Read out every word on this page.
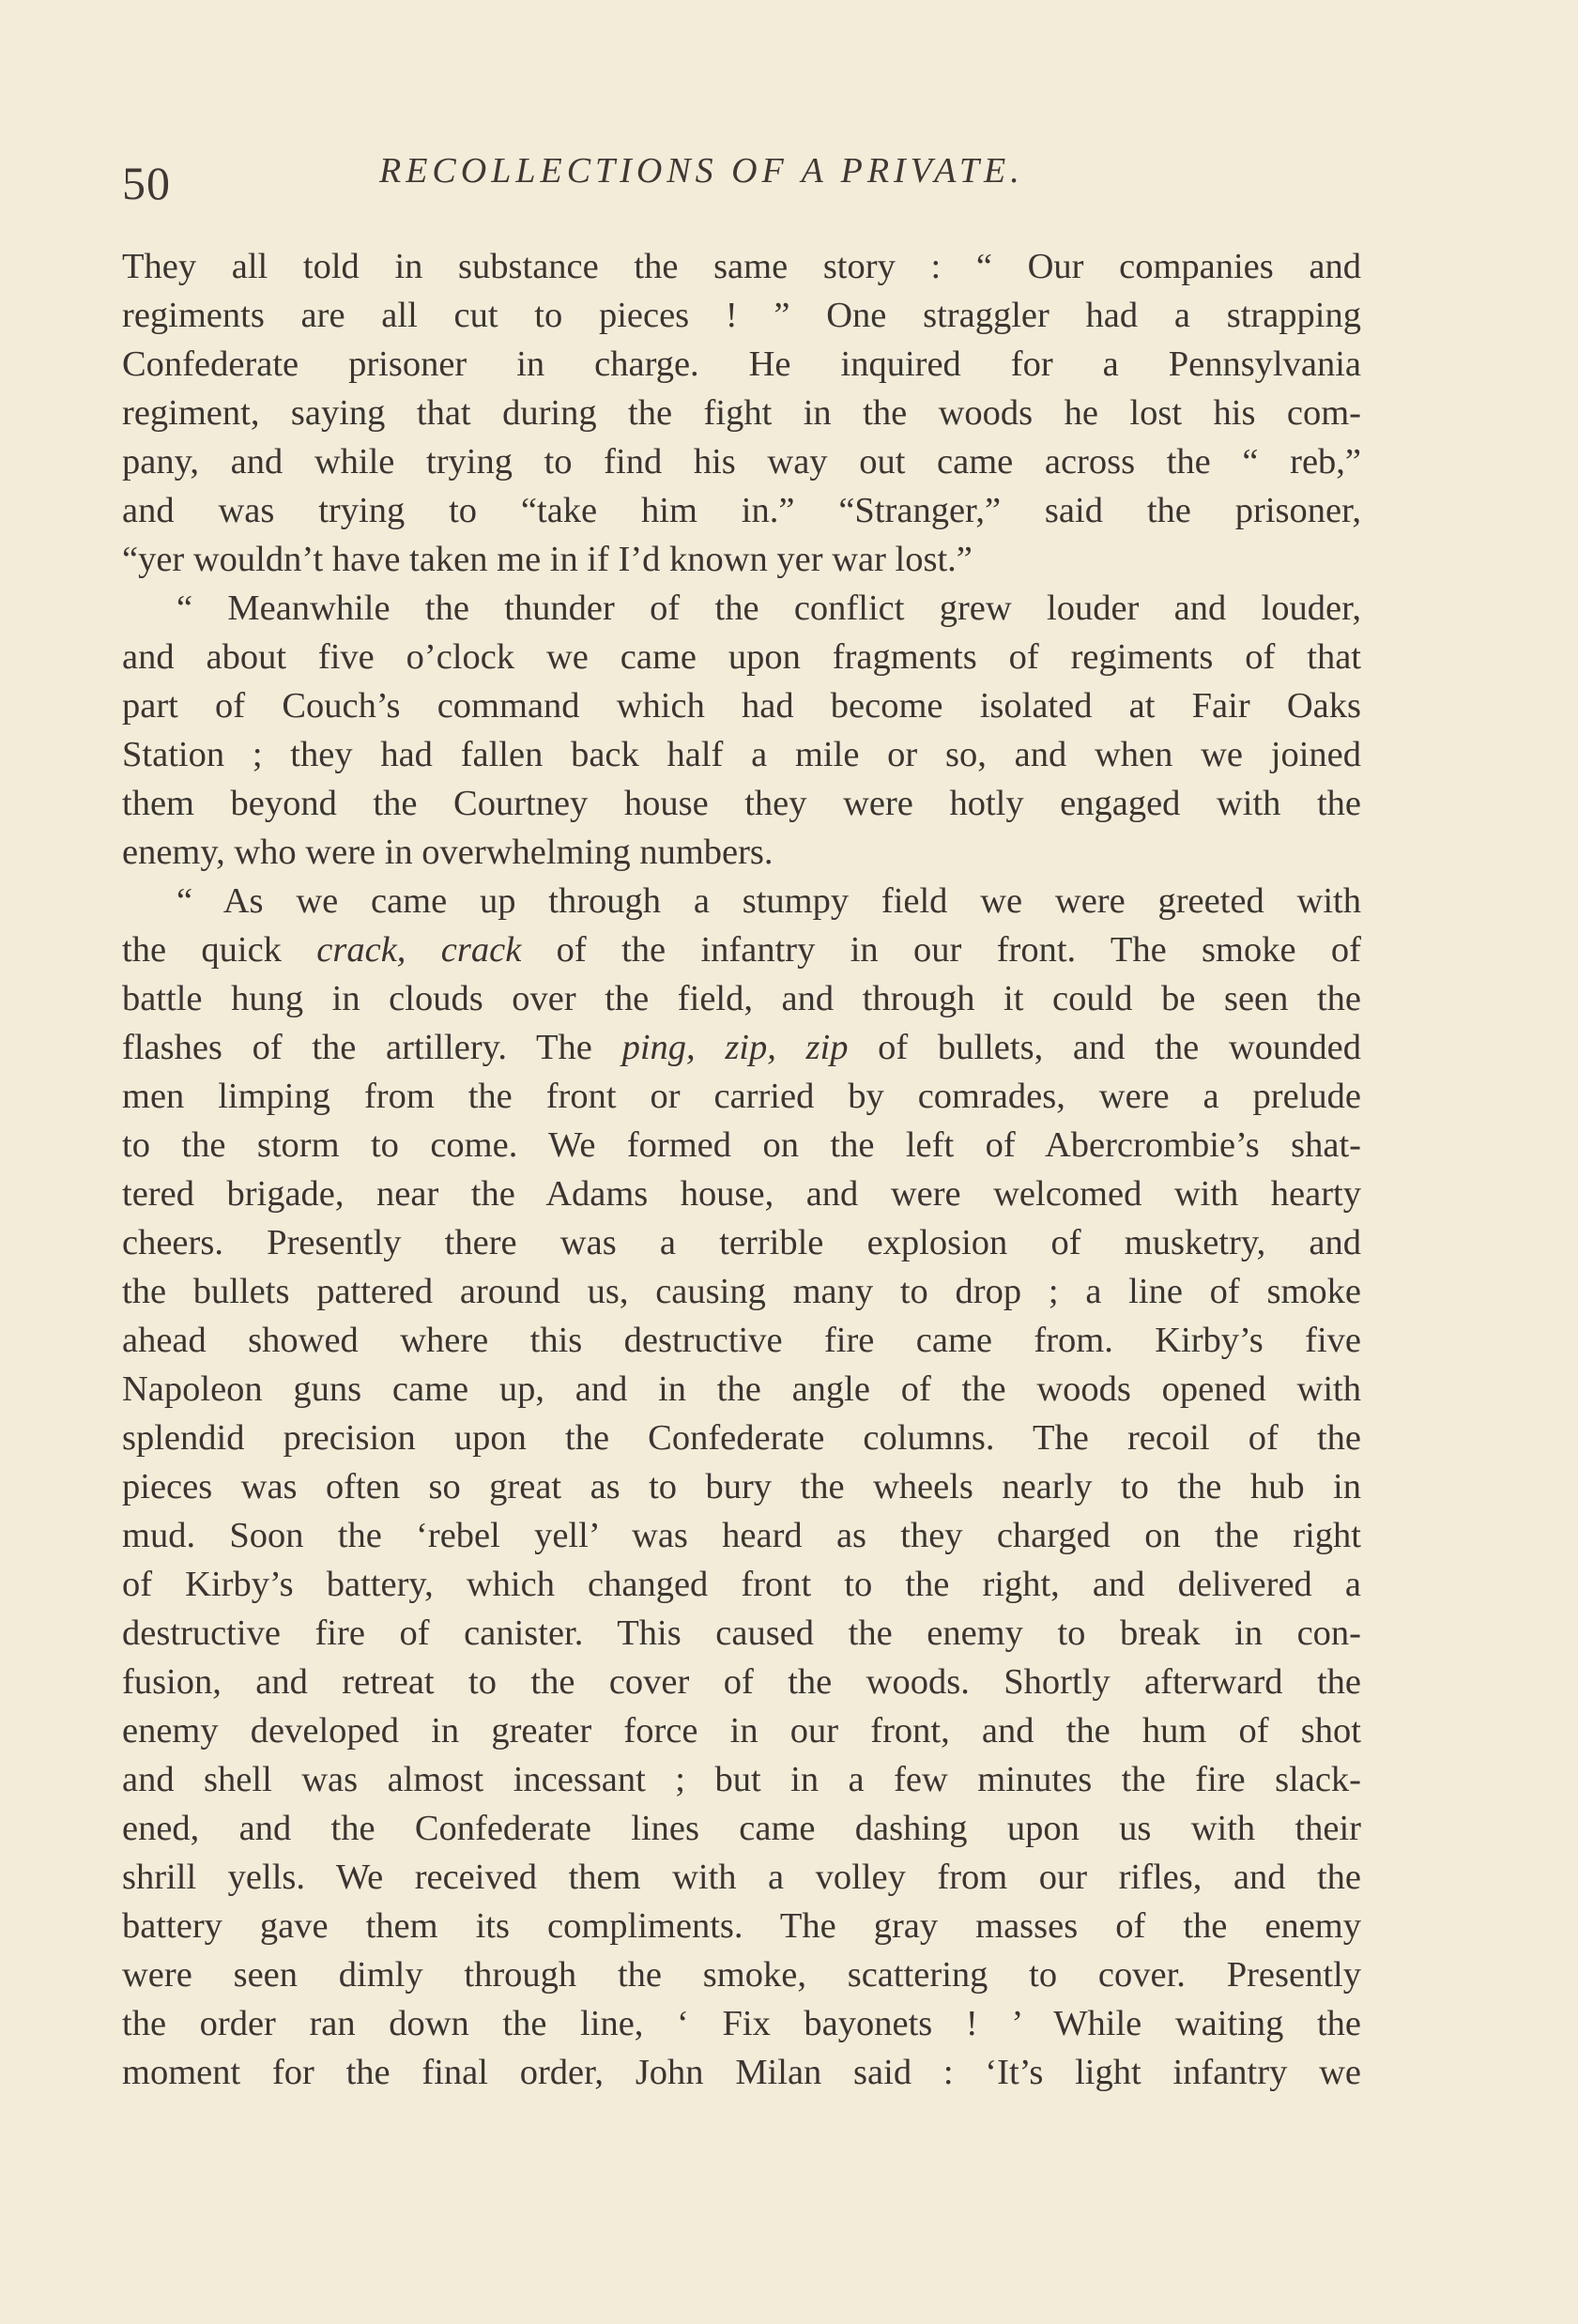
50	RECOLLECTIONS OF A PRIVATE.
They all told in substance the same story : “ Our companies and
regiments are all cut to pieces ! ” One straggler had a strapping
Confederate prisoner in charge. He inquired for a Pennsylvania
regiment, saying that during the fight in the woods he lost his com-
pany, and while trying to find his way out came across the “ reb,”
and was trying to “take him in.” “Stranger,” said the prisoner,
“yer wouldn’t have taken me in if I’d known yer war lost.”
“ Meanwhile the thunder of the conflict grew louder and louder,
and about five o’clock we came upon fragments of regiments of that
part of Couch’s command which had become isolated at Fair Oaks
Station ; they had fallen back half a mile or so, and when we joined
them beyond the Courtney house they were hotly engaged with the
enemy, who were in overwhelming numbers.
“ As we came up through a stumpy field we were greeted with
the quick crack, crack of the infantry in our front. The smoke of
battle hung in clouds over the field, and through it could be seen the
flashes of the artillery. The ping, zip, zip of bullets, and the wounded
men limping from the front or carried by comrades, were a prelude
to the storm to come. We formed on the left of Abercrombie’s shat-
tered brigade, near the Adams house, and were welcomed with hearty
cheers. Presently there was a terrible explosion of musketry, and
the bullets pattered around us, causing many to drop ; a line of smoke
ahead showed where this destructive fire came from. Kirby’s five
Napoleon guns came up, and in the angle of the woods opened with
splendid precision upon the Confederate columns. The recoil of the
pieces was often so great as to bury the wheels nearly to the hub in
mud. Soon the ‘rebel yell’ was heard as they charged on the right
of Kirby’s battery, which changed front to the right, and delivered a
destructive fire of canister. This caused the enemy to break in con-
fusion, and retreat to the cover of the woods. Shortly afterward the
enemy developed in greater force in our front, and the hum of shot
and shell was almost incessant ; but in a few minutes the fire slack-
ened, and the Confederate lines came dashing upon us with their
shrill yells. We received them with a volley from our rifles, and the
battery gave them its compliments. The gray masses of the enemy
were seen dimly through the smoke, scattering to cover. Presently
the order ran down the line, ‘ Fix bayonets ! ’ While waiting the
moment for the final order, John Milan said : ‘It’s light infantry we
